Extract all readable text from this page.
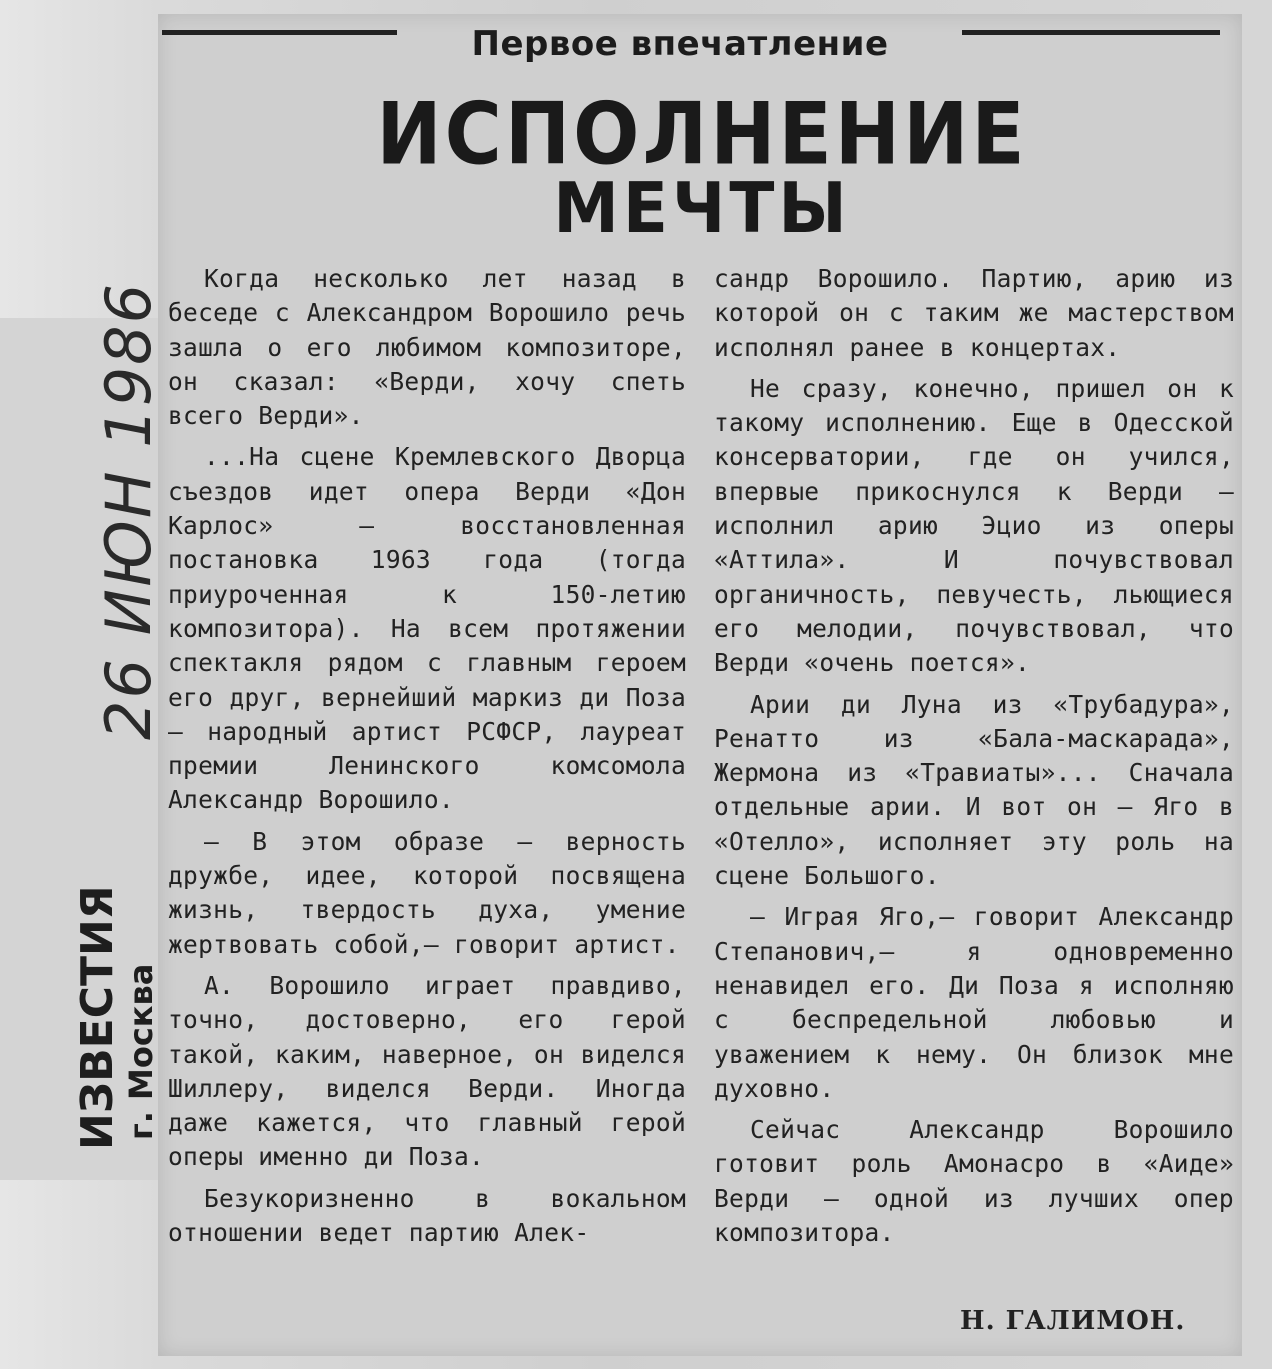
26 ИЮН 1986
ИЗВЕСТИЯ г. Москва
Первое впечатление
ИСПОЛНЕНИЕ
МЕЧТЫ

Когда несколько лет назад в беседе с Александром Ворошило речь зашла о его любимом композиторе, он сказал: «Верди, хочу спеть всего Верди».

...На сцене Кремлевского Дворца съездов идет опера Верди «Дон Карлос» — восстановленная постановка 1963 года (тогда приуроченная к 150-летию композитора). На всем протяжении спектакля рядом с главным героем его друг, вернейший маркиз ди Поза — народный артист РСФСР, лауреат премии Ленинского комсомола Александр Ворошило.

— В этом образе — верность дружбе, идее, которой посвящена жизнь, твердость духа, умение жертвовать собой,— говорит артист.

А. Ворошило играет правдиво, точно, достоверно, его герой такой, каким, наверное, он виделся Шиллеру, виделся Верди. Иногда даже кажется, что главный герой оперы именно ди Поза.

Безукоризненно в вокальном отношении ведет партию Алек-

сандр Ворошило. Партию, арию из которой он с таким же мастерством исполнял ранее в концертах.

Не сразу, конечно, пришел он к такому исполнению. Еще в Одесской консерватории, где он учился, впервые прикоснулся к Верди — исполнил арию Эцио из оперы «Аттила». И почувствовал органичность, певучесть, льющиеся его мелодии, почувствовал, что Верди «очень поется».

Арии ди Луна из «Трубадура», Ренатто из «Бала-маскарада», Жермона из «Травиаты»... Сначала отдельные арии. И вот он — Яго в «Отелло», исполняет эту роль на сцене Большого.

— Играя Яго,— говорит Александр Степанович,— я одновременно ненавидел его. Ди Поза я исполняю с беспредельной любовью и уважением к нему. Он близок мне духовно.

Сейчас Александр Ворошило готовит роль Амонасро в «Аиде» Верди — одной из лучших опер композитора.

Н. ГАЛИМОН.
